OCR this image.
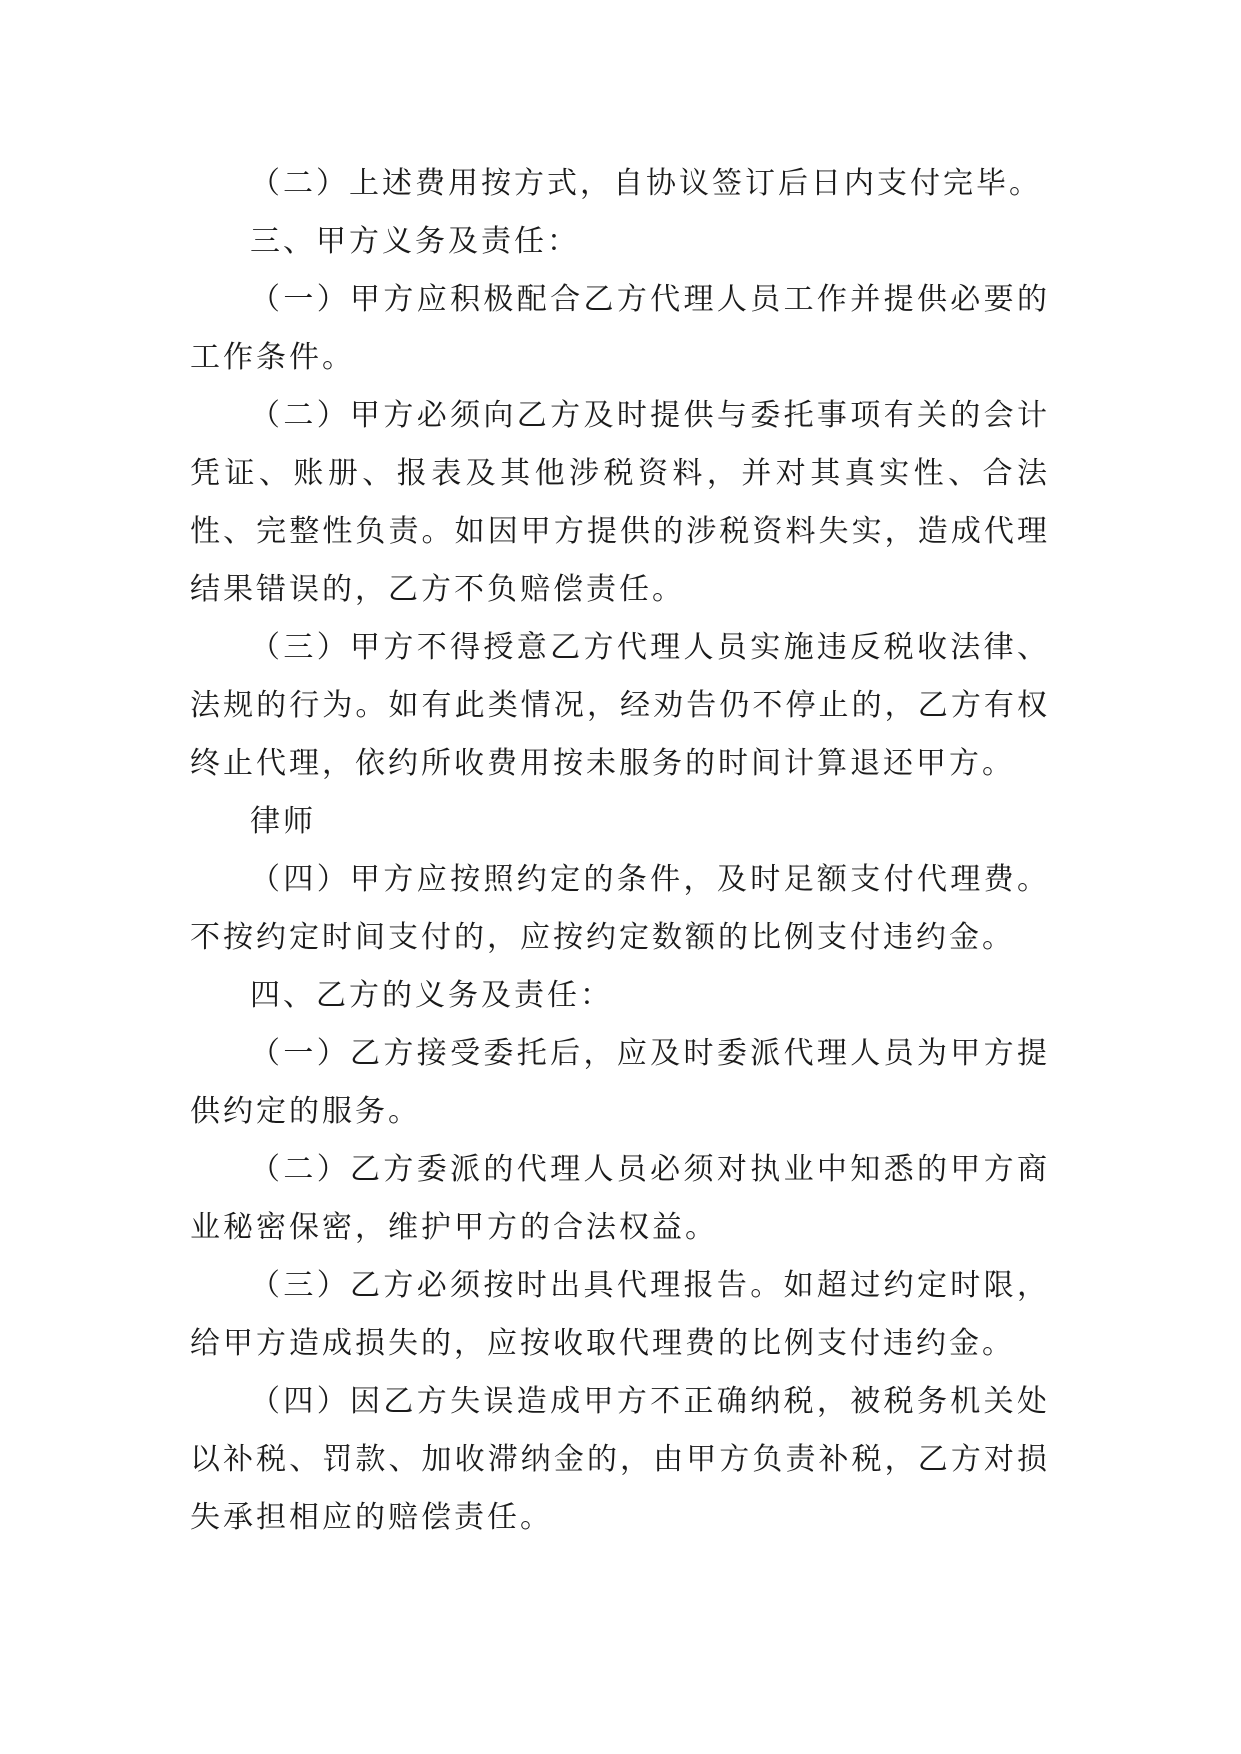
（二）上述费用按方式，自协议签订后日内支付完毕。

三、甲方义务及责任：

（一）甲方应积极配合乙方代理人员工作并提供必要的工作条件。

（二）甲方必须向乙方及时提供与委托事项有关的会计凭证、账册、报表及其他涉税资料，并对其真实性、合法性、完整性负责。如因甲方提供的涉税资料失实，造成代理结果错误的，乙方不负赔偿责任。

（三）甲方不得授意乙方代理人员实施违反税收法律、法规的行为。如有此类情况，经劝告仍不停止的，乙方有权终止代理，依约所收费用按未服务的时间计算退还甲方。

律师

（四）甲方应按照约定的条件，及时足额支付代理费。不按约定时间支付的，应按约定数额的比例支付违约金。

四、乙方的义务及责任：

（一）乙方接受委托后，应及时委派代理人员为甲方提供约定的服务。

（二）乙方委派的代理人员必须对执业中知悉的甲方商业秘密保密，维护甲方的合法权益。

（三）乙方必须按时出具代理报告。如超过约定时限，给甲方造成损失的，应按收取代理费的比例支付违约金。

（四）因乙方失误造成甲方不正确纳税，被税务机关处以补税、罚款、加收滞纳金的，由甲方负责补税，乙方对损失承担相应的赔偿责任。
